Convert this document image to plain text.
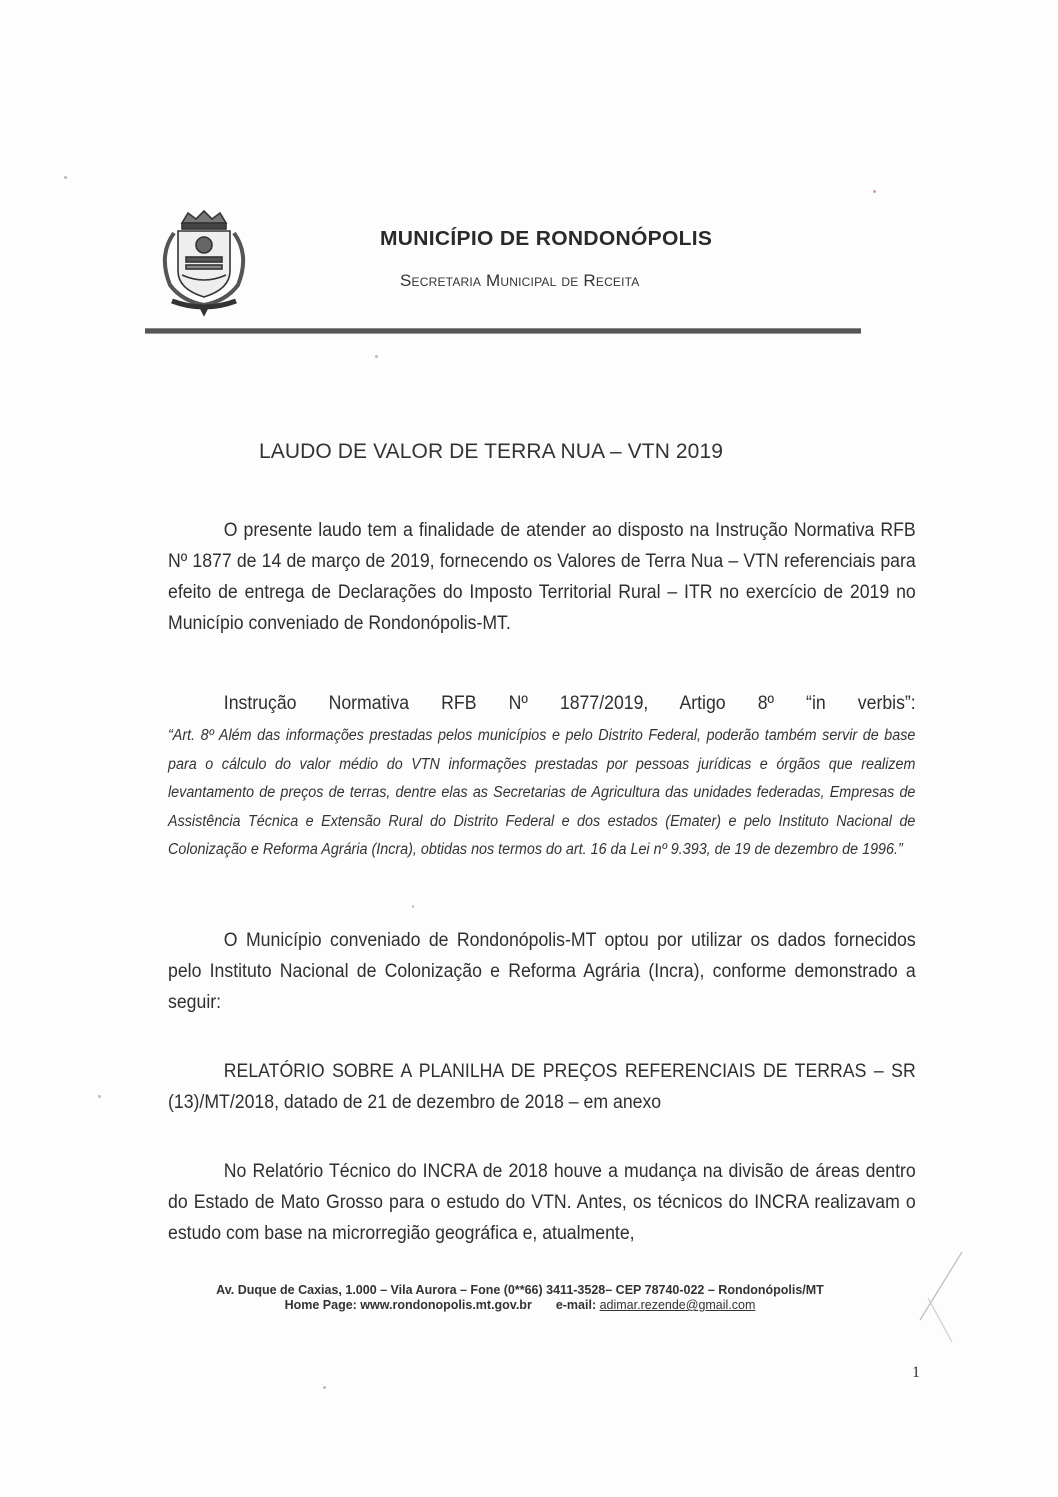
MUNICÍPIO DE RONDONÓPOLIS
Secretaria Municipal de Receita
LAUDO DE VALOR DE TERRA NUA – VTN 2019
O presente laudo tem a finalidade de atender ao disposto na Instrução Normativa RFB Nº 1877 de 14 de março de 2019, fornecendo os Valores de Terra Nua – VTN referenciais para efeito de entrega de Declarações do Imposto Territorial Rural – ITR no exercício de 2019 no Município conveniado de Rondonópolis-MT.
Instrução Normativa RFB Nº 1877/2019, Artigo 8º “in verbis”:
“Art. 8º Além das informações prestadas pelos municípios e pelo Distrito Federal, poderão também servir de base para o cálculo do valor médio do VTN informações prestadas por pessoas jurídicas e órgãos que realizem levantamento de preços de terras, dentre elas as Secretarias de Agricultura das unidades federadas, Empresas de Assistência Técnica e Extensão Rural do Distrito Federal e dos estados (Emater) e pelo Instituto Nacional de Colonização e Reforma Agrária (Incra), obtidas nos termos do art. 16 da Lei nº 9.393, de 19 de dezembro de 1996.”
O Município conveniado de Rondonópolis-MT optou por utilizar os dados fornecidos pelo Instituto Nacional de Colonização e Reforma Agrária (Incra), conforme demonstrado a seguir:
RELATÓRIO SOBRE A PLANILHA DE PREÇOS REFERENCIAIS DE TERRAS – SR (13)/MT/2018, datado de 21 de dezembro de 2018 – em anexo
No Relatório Técnico do INCRA de 2018 houve a mudança na divisão de áreas dentro do Estado de Mato Grosso para o estudo do VTN. Antes, os técnicos do INCRA realizavam o estudo com base na microrregião geográfica e, atualmente,
Av. Duque de Caxias, 1.000 – Vila Aurora – Fone (0**66) 3411-3528– CEP 78740-022 – Rondonópolis/MT
Home Page: www.rondonopolis.mt.gov.br e-mail: adimar.rezende@gmail.com
1
